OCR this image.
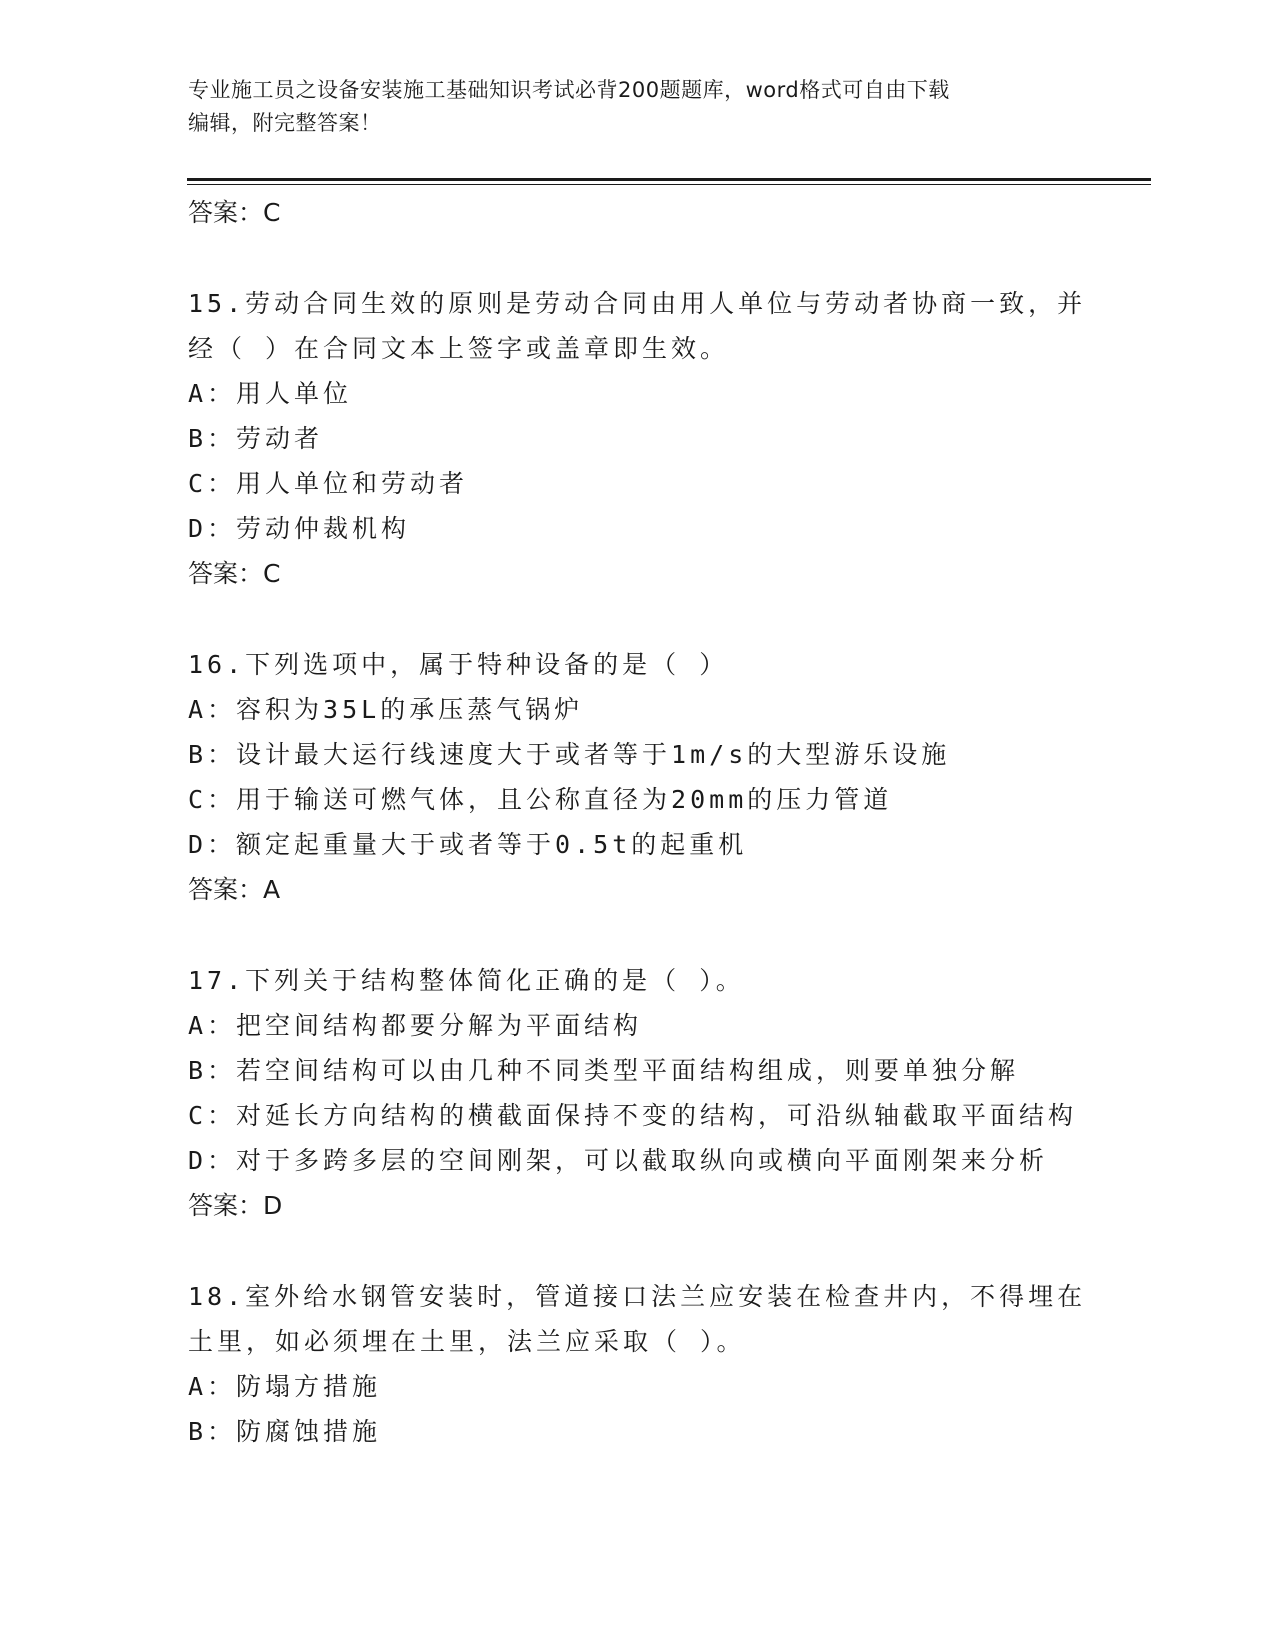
专业施工员之设备安装施工基础知识考试必背200题题库，word格式可自由下载
编辑，附完整答案！
答案：C
15.劳动合同生效的原则是劳动合同由用人单位与劳动者协商一致，并
经（ ）在合同文本上签字或盖章即生效。
A：用人单位
B：劳动者
C：用人单位和劳动者
D：劳动仲裁机构
答案：C
16.下列选项中，属于特种设备的是（ ）
A：容积为35L的承压蒸气锅炉
B：设计最大运行线速度大于或者等于1m/s的大型游乐设施
C：用于输送可燃气体，且公称直径为20mm的压力管道
D：额定起重量大于或者等于0.5t的起重机
答案：A
17.下列关于结构整体简化正确的是（ ）。
A：把空间结构都要分解为平面结构
B：若空间结构可以由几种不同类型平面结构组成，则要单独分解
C：对延长方向结构的横截面保持不变的结构，可沿纵轴截取平面结构
D：对于多跨多层的空间刚架，可以截取纵向或横向平面刚架来分析
答案：D
18.室外给水钢管安装时，管道接口法兰应安装在检查井内，不得埋在
土里，如必须埋在土里，法兰应采取（ ）。
A：防塌方措施
B：防腐蚀措施
